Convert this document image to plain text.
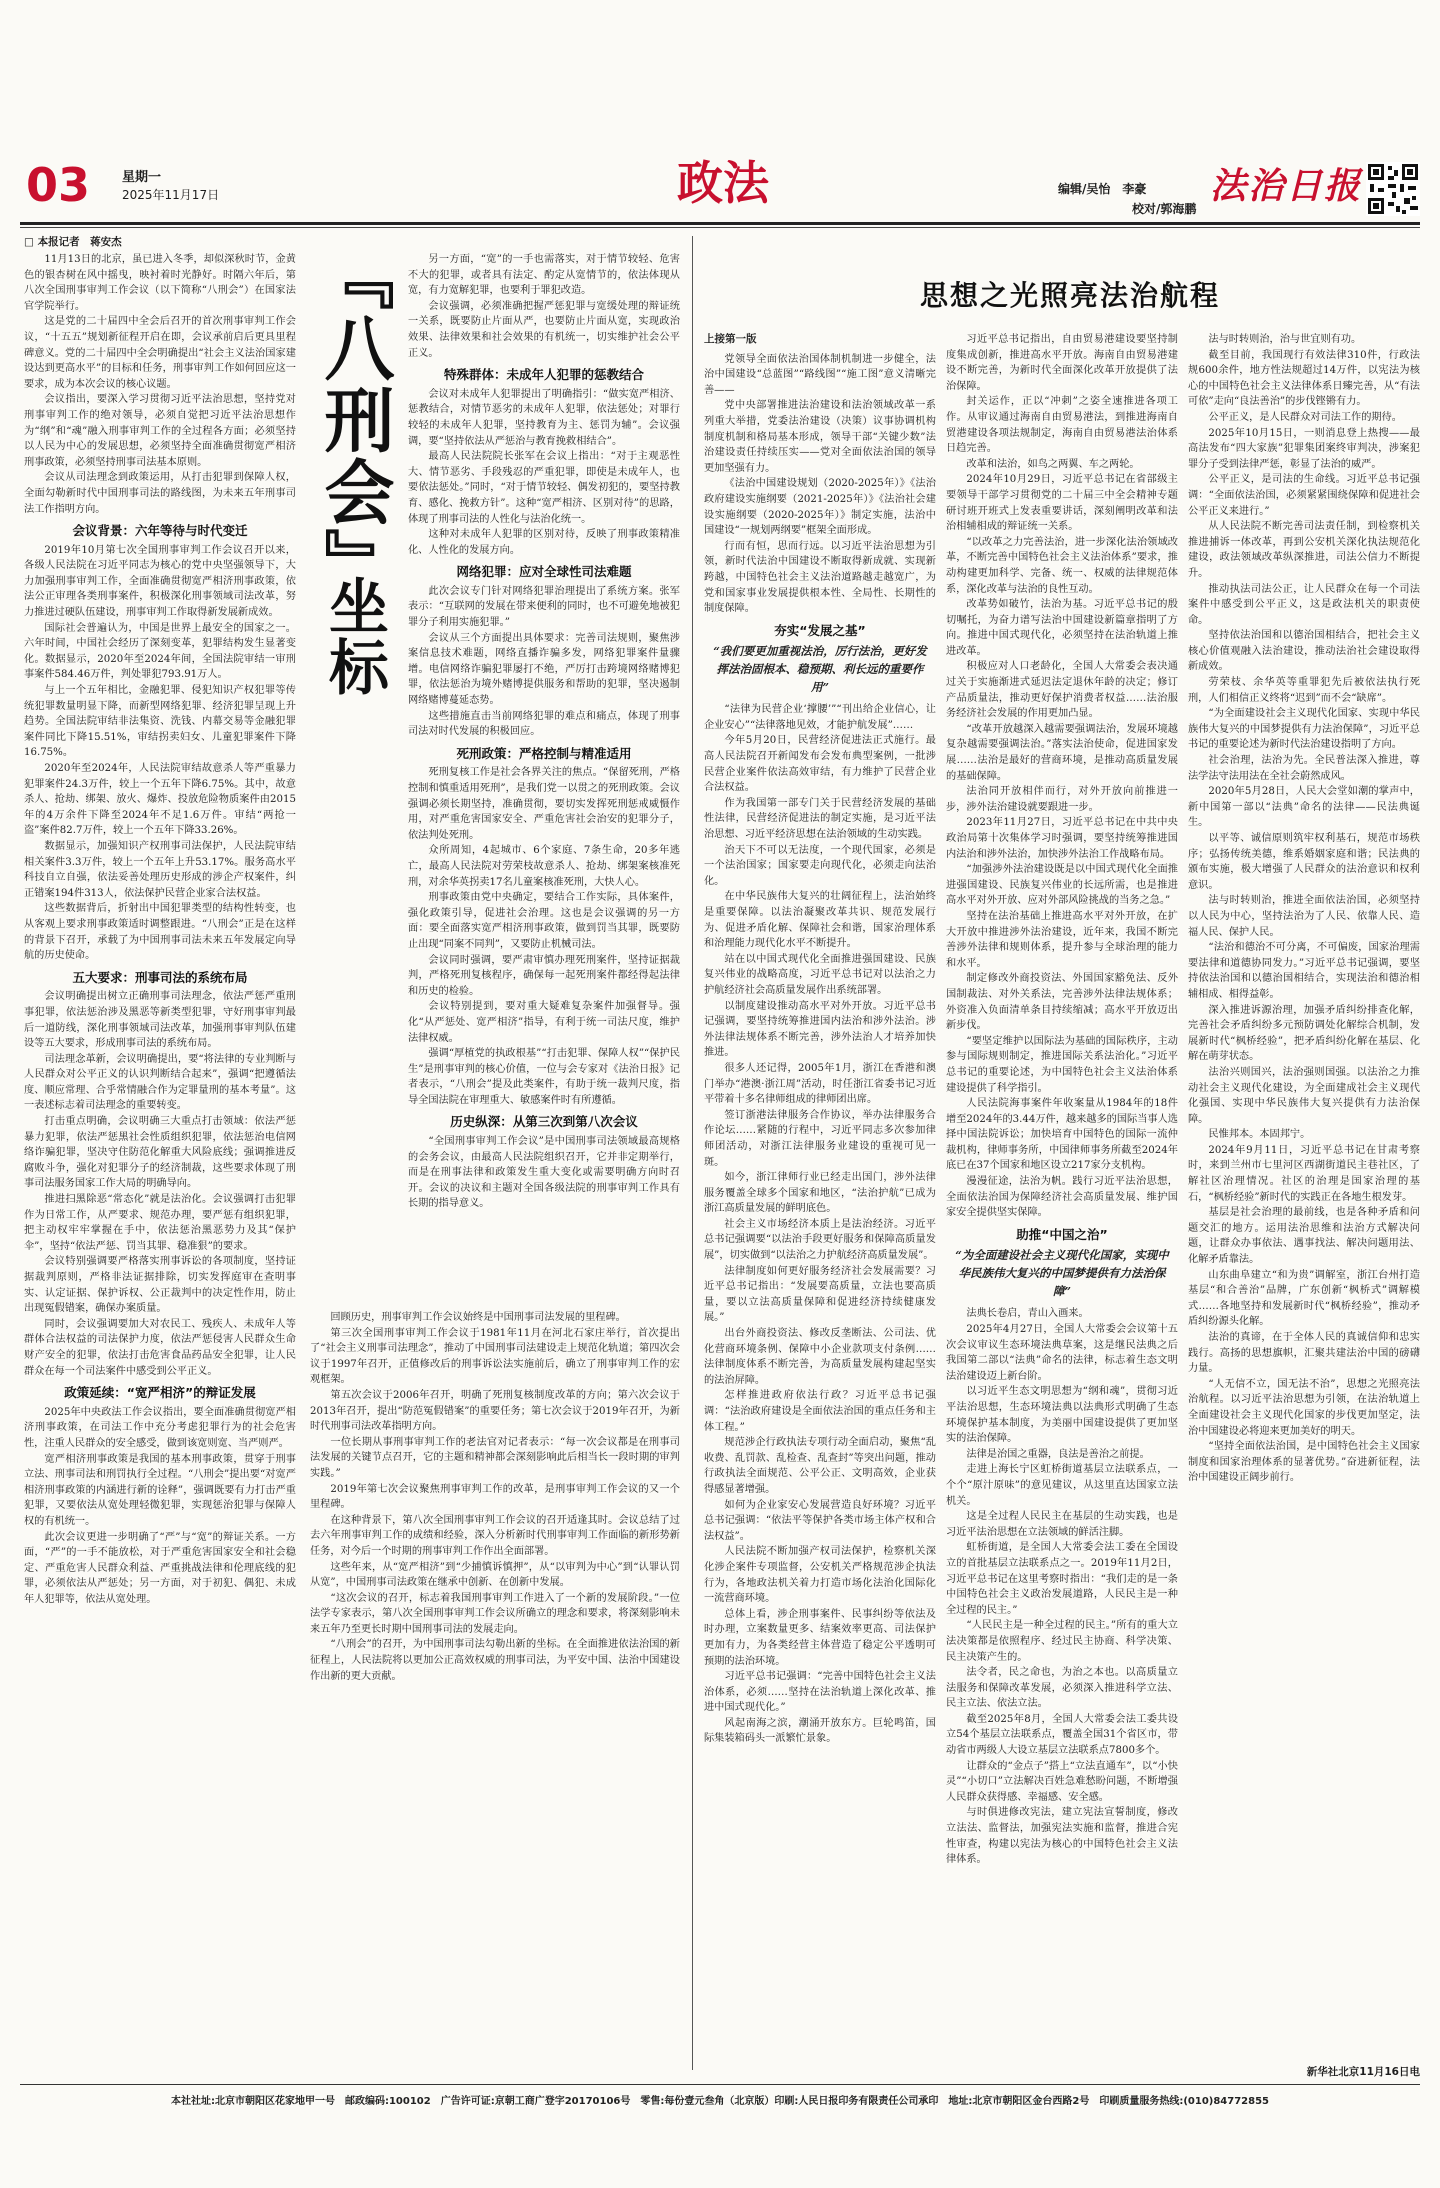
03 星期一
2025年11月17日	政法	编辑/吴怡　李豪
校对/郭海鹏
法治日报
□ 本报记者　蒋安杰

11月13日的北京，虽已进入冬季，却似深秋时节，金黄色的银杏树在风中摇曳，映衬着时光静好。时隔六年后，第八次全国刑事审判工作会议（以下简称“八刑会”）在国家法官学院举行。

这是党的二十届四中全会后召开的首次刑事审判工作会议，“十五五”规划新征程开启在即，会议承前启后更具里程碑意义。党的二十届四中全会明确提出“社会主义法治国家建设达到更高水平”的目标和任务，刑事审判工作如何回应这一要求，成为本次会议的核心议题。

会议指出，要深入学习贯彻习近平法治思想，坚持党对刑事审判工作的绝对领导，必须自觉把习近平法治思想作为“纲”和“魂”融入刑事审判工作的全过程各方面；必须坚持以人民为中心的发展思想，必须坚持全面准确贯彻宽严相济刑事政策，必须坚持刑事司法基本原则。

会议从司法理念到政策运用，从打击犯罪到保障人权，全面勾勒新时代中国刑事司法的路线图，为未来五年刑事司法工作指明方向。

会议背景：六年等待与时代变迁

2019年10月第七次全国刑事审判工作会议召开以来，各级人民法院在习近平同志为核心的党中央坚强领导下，大力加强刑事审判工作，全面准确贯彻宽严相济刑事政策，依法公正审理各类刑事案件，积极深化刑事领域司法改革，努力推进过硬队伍建设，刑事审判工作取得新发展新成效。

国际社会普遍认为，中国是世界上最安全的国家之一。六年时间，中国社会经历了深刻变革，犯罪结构发生显著变化。数据显示，2020年至2024年间，全国法院审结一审刑事案件584.46万件，判处罪犯793.91万人。

与上一个五年相比，金融犯罪、侵犯知识产权犯罪等传统犯罪数量明显下降，而新型网络犯罪、经济犯罪呈现上升趋势。全国法院审结非法集资、洗钱、内幕交易等金融犯罪案件同比下降15.51%，审结拐卖妇女、儿童犯罪案件下降16.75%。

2020年至2024年，人民法院审结故意杀人等严重暴力犯罪案件24.3万件，较上一个五年下降6.75%。其中，故意杀人、抢劫、绑架、放火、爆炸、投放危险物质案件由2015年的4万余件下降至2024年不足1.6万件。审结“两抢一盗”案件82.7万件，较上一个五年下降33.26%。

数据显示，加强知识产权刑事司法保护，人民法院审结相关案件3.3万件，较上一个五年上升53.17%。服务高水平科技自立自强，依法妥善处理历史形成的涉企产权案件，纠正错案194件313人，依法保护民营企业家合法权益。

这些数据背后，折射出中国犯罪类型的结构性转变，也从客观上要求刑事政策适时调整跟进。“八刑会”正是在这样的背景下召开，承载了为中国刑事司法未来五年发展定向导航的历史使命。

五大要求：刑事司法的系统布局

会议明确提出树立正确刑事司法理念，依法严惩严重刑事犯罪，依法惩治涉及黑恶等新类型犯罪，守好刑事审判最后一道防线，深化刑事领域司法改革，加强刑事审判队伍建设等五大要求，形成刑事司法的系统布局。

司法理念革新，会议明确提出，要“将法律的专业判断与人民群众对公平正义的认识判断结合起来”，强调“把遵循法度、顺应常理、合乎常情融合作为定罪量刑的基本考量”。这一表述标志着司法理念的重要转变。

打击重点明确，会议明确三大重点打击领域：依法严惩暴力犯罪，依法严惩黑社会性质组织犯罪，依法惩治电信网络诈骗犯罪，坚决守住防范化解重大风险底线；强调推进反腐败斗争，强化对犯罪分子的经济制裁，这些要求体现了刑事司法服务国家工作大局的明确导向。

推进扫黑除恶“常态化”就是法治化。会议强调打击犯罪作为日常工作，从严要求、规范办理，要严惩有组织犯罪，把主动权牢牢掌握在手中，依法惩治黑恶势力及其“保护伞”，坚持“依法严惩、罚当其罪、稳准狠”的要求。

会议特别强调要严格落实刑事诉讼的各项制度，坚持证据裁判原则，严格非法证据排除，切实发挥庭审在查明事实、认定证据、保护诉权、公正裁判中的决定性作用，防止出现冤假错案，确保办案质量。

同时，会议强调要加大对农民工、残疾人、未成年人等群体合法权益的司法保护力度，依法严惩侵害人民群众生命财产安全的犯罪，依法打击危害食品药品安全犯罪，让人民群众在每一个司法案件中感受到公平正义。

政策延续：“宽严相济”的辩证发展

2025年中央政法工作会议指出，要全面准确贯彻宽严相济刑事政策，在司法工作中充分考虑犯罪行为的社会危害性，注重人民群众的安全感受，做到该宽则宽、当严则严。

宽严相济刑事政策是我国的基本刑事政策，贯穿于刑事立法、刑事司法和刑罚执行全过程。“八刑会”提出要“对宽严相济刑事政策的内涵进行新的诠释”，强调既要有力打击严重犯罪，又要依法从宽处理轻微犯罪，实现惩治犯罪与保障人权的有机统一。

此次会议更进一步明确了“严”与“宽”的辩证关系。一方面，“严”的一手不能放松，对于严重危害国家安全和社会稳定、严重危害人民群众利益、严重挑战法律和伦理底线的犯罪，必须依法从严惩处；另一方面，对于初犯、偶犯、未成年人犯罪等，依法从宽处理。

『八刑会』
坐标

另一方面，“宽”的一手也需落实，对于情节较轻、危害不大的犯罪，或者具有法定、酌定从宽情节的，依法体现从宽，有力宽解犯罪，也要利于罪犯改造。

会议强调，必须准确把握严惩犯罪与宽缓处理的辩证统一关系，既要防止片面从严，也要防止片面从宽，实现政治效果、法律效果和社会效果的有机统一，切实维护社会公平正义。

特殊群体：未成年人犯罪的惩教结合

会议对未成年人犯罪提出了明确指引：“做实宽严相济、惩教结合，对情节恶劣的未成年人犯罪，依法惩处；对罪行较轻的未成年人犯罪，坚持教育为主、惩罚为辅”。会议强调，要“坚持依法从严惩治与教育挽救相结合”。

最高人民法院院长张军在会议上指出：“对于主观恶性大、情节恶劣、手段残忍的严重犯罪，即使是未成年人，也要依法惩处。”同时，“对于情节较轻、偶发初犯的，要坚持教育、感化、挽救方针”。这种“宽严相济、区别对待”的思路，体现了刑事司法的人性化与法治化统一。

这种对未成年人犯罪的区别对待，反映了刑事政策精准化、人性化的发展方向。

网络犯罪：应对全球性司法难题

此次会议专门针对网络犯罪治理提出了系统方案。张军表示：“互联网的发展在带来便利的同时，也不可避免地被犯罪分子利用实施犯罪。”

会议从三个方面提出具体要求：完善司法规则，聚焦涉案信息技术难题，网络直播诈骗多发，网络犯罪案件量骤增。电信网络诈骗犯罪屡打不绝，严厉打击跨境网络赌博犯罪，依法惩治为境外赌博提供服务和帮助的犯罪，坚决遏制网络赌博蔓延态势。

这些措施直击当前网络犯罪的难点和痛点，体现了刑事司法对时代发展的积极回应。

死刑政策：严格控制与精准适用

死刑复核工作是社会各界关注的焦点。“保留死刑，严格控制和慎重适用死刑”，是我们党一以贯之的死刑政策。会议强调必须长期坚持，准确贯彻，要切实发挥死刑惩戒威慑作用，对严重危害国家安全、严重危害社会治安的犯罪分子，依法判处死刑。

众所周知，4起城市、6个家庭、7条生命，20多年逃亡，最高人民法院对劳荣枝故意杀人、抢劫、绑架案核准死刑，对余华英拐卖17名儿童案核准死刑，大快人心。

刑事政策由党中央确定，要结合工作实际，具体案件，强化政策引导，促进社会治理。这也是会议强调的另一方面：要全面落实宽严相济刑事政策，做到罚当其罪，既要防止出现“同案不同判”，又要防止机械司法。

会议同时强调，要严肃审慎办理死刑案件，坚持证据裁判，严格死刑复核程序，确保每一起死刑案件都经得起法律和历史的检验。

会议特别提到，要对重大疑难复杂案件加强督导。强化“从严惩处、宽严相济”指导，有利于统一司法尺度，维护法律权威。

强调“厚植党的执政根基”“打击犯罪、保障人权”“保护民生”是刑事审判的核心价值，一位与会专家对《法治日报》记者表示，“八刑会”提及此类案件，有助于统一裁判尺度，指导全国法院在审理重大、敏感案件时有所遵循。

历史纵深：从第三次到第八次会议

“全国刑事审判工作会议”是中国刑事司法领域最高规格的会务会议，由最高人民法院组织召开，它并非定期举行，而是在刑事法律和政策发生重大变化或需要明确方向时召开。会议的决议和主题对全国各级法院的刑事审判工作具有长期的指导意义。

回顾历史，刑事审判工作会议始终是中国刑事司法发展的里程碑。

第三次全国刑事审判工作会议于1981年11月在河北石家庄举行，首次提出了“社会主义刑事司法理念”，推动了中国刑事司法建设走上规范化轨道；第四次会议于1997年召开，正值修改后的刑事诉讼法实施前后，确立了刑事审判工作的宏观框架。

第五次会议于2006年召开，明确了死刑复核制度改革的方向；第六次会议于2013年召开，提出“防范冤假错案”的重要任务；第七次会议于2019年召开，为新时代刑事司法改革指明方向。

一位长期从事刑事审判工作的老法官对记者表示：“每一次会议都是在刑事司法发展的关键节点召开，它的主题和精神都会深刻影响此后相当长一段时期的审判实践。”

2019年第七次会议聚焦刑事审判工作的改革，是刑事审判工作会议的又一个里程碑。

在这种背景下，第八次全国刑事审判工作会议的召开适逢其时。会议总结了过去六年刑事审判工作的成绩和经验，深入分析新时代刑事审判工作面临的新形势新任务，对今后一个时期的刑事审判工作作出全面部署。

这些年来，从“宽严相济”到“少捕慎诉慎押”，从“以审判为中心”到“认罪认罚从宽”，中国刑事司法政策在继承中创新、在创新中发展。

“这次会议的召开，标志着我国刑事审判工作进入了一个新的发展阶段。”一位法学专家表示，第八次全国刑事审判工作会议所确立的理念和要求，将深刻影响未来五年乃至更长时期中国刑事司法的发展走向。

“八刑会”的召开，为中国刑事司法勾勒出新的坐标。在全面推进依法治国的新征程上，人民法院将以更加公正高效权威的刑事司法，为平安中国、法治中国建设作出新的更大贡献。

思想之光照亮法治航程

上接第一版

党领导全面依法治国体制机制进一步健全，法治中国建设“总蓝图”“路线图”“施工图”意义清晰完善——

党中央部署推进法治建设和法治领域改革一系列重大举措，党委法治建设（决策）议事协调机构制度机制和格局基本形成，领导干部“关键少数”法治建设责任持续压实——党对全面依法治国的领导更加坚强有力。

《法治中国建设规划（2020-2025年）》《法治政府建设实施纲要（2021-2025年）》《法治社会建设实施纲要（2020-2025年）》制定实施，法治中国建设“一规划两纲要”框架全面形成。

行而有恒，思而行远。以习近平法治思想为引领，新时代法治中国建设不断取得新成就、实现新跨越，中国特色社会主义法治道路越走越宽广，为党和国家事业发展提供根本性、全局性、长期性的制度保障。

夯实“发展之基”

“我们要更加重视法治，厉行法治，更好发挥法治固根本、稳预期、利长远的重要作用”

“法律为民营企业‘撑腰’”“刊出给企业信心，让企业安心”“法律落地见效，才能护航发展”……

今年5月20日，民营经济促进法正式施行。最高人民法院召开新闻发布会发布典型案例，一批涉民营企业案件依法高效审结，有力维护了民营企业合法权益。

作为我国第一部专门关于民营经济发展的基础性法律，民营经济促进法的制定实施，是习近平法治思想、习近平经济思想在法治领域的生动实践。

治天下不可以无法度，一个现代国家，必须是一个法治国家；国家要走向现代化，必须走向法治化。

在中华民族伟大复兴的壮阔征程上，法治始终是重要保障。以法治凝聚改革共识、规范发展行为、促进矛盾化解、保障社会和谐，国家治理体系和治理能力现代化水平不断提升。

站在以中国式现代化全面推进强国建设、民族复兴伟业的战略高度，习近平总书记对以法治之力护航经济社会高质量发展作出系统部署。

以制度建设推动高水平对外开放。习近平总书记强调，要坚持统筹推进国内法治和涉外法治。涉外法律法规体系不断完善，涉外法治人才培养加快推进。

很多人还记得，2005年1月，浙江在香港和澳门举办“港澳·浙江周”活动，时任浙江省委书记习近平带着十多名律师组成的律师团出席。

签订浙港法律服务合作协议，举办法律服务合作论坛……紧随的行程中，习近平同志多次参加律师团活动，对浙江法律服务业建设的重视可见一斑。

如今，浙江律师行业已经走出国门，涉外法律服务覆盖全球多个国家和地区，“法治护航”已成为浙江高质量发展的鲜明底色。

社会主义市场经济本质上是法治经济。习近平总书记强调要“以法治手段更好服务和保障高质量发展”，切实做到“以法治之力护航经济高质量发展”。

法律制度如何更好服务经济社会发展需要？习近平总书记指出：“发展要高质量，立法也要高质量，要以立法高质量保障和促进经济持续健康发展。”

出台外商投资法、修改反垄断法、公司法、优化营商环境条例、保障中小企业款项支付条例……法律制度体系不断完善，为高质量发展构建起坚实的法治屏障。

怎样推进政府依法行政？习近平总书记强调：“法治政府建设是全面依法治国的重点任务和主体工程。”

规范涉企行政执法专项行动全面启动，聚焦“乱收费、乱罚款、乱检查、乱查封”等突出问题，推动行政执法全面规范、公平公正、文明高效，企业获得感显著增强。

如何为企业家安心发展营造良好环境？习近平总书记强调：“依法平等保护各类市场主体产权和合法权益”。

人民法院不断加强产权司法保护，检察机关深化涉企案件专项监督，公安机关严格规范涉企执法行为，各地政法机关着力打造市场化法治化国际化一流营商环境。

总体上看，涉企刑事案件、民事纠纷等依法及时办理，立案数量更多、结案效率更高、司法保护更加有力，为各类经营主体营造了稳定公平透明可预期的法治环境。

习近平总书记强调：“完善中国特色社会主义法治体系，必须……坚持在法治轨道上深化改革、推进中国式现代化。”

风起南海之滨，潮涌开放东方。巨轮鸣笛，国际集装箱码头一派繁忙景象。

习近平总书记指出，自由贸易港建设要坚持制度集成创新，推进高水平开放。海南自由贸易港建设不断完善，为新时代全面深化改革开放提供了法治保障。

封关运作，正以“冲刺”之姿全速推进各项工作。从审议通过海南自由贸易港法，到推进海南自贸港建设各项法规制定，海南自由贸易港法治体系日趋完善。

改革和法治，如鸟之两翼、车之两轮。

2024年10月29日，习近平总书记在省部级主要领导干部学习贯彻党的二十届三中全会精神专题研讨班开班式上发表重要讲话，深刻阐明改革和法治相辅相成的辩证统一关系。

“以改革之力完善法治，进一步深化法治领域改革，不断完善中国特色社会主义法治体系”要求，推动构建更加科学、完备、统一、权威的法律规范体系，深化改革与法治的良性互动。

改革势如破竹，法治为基。习近平总书记的殷切嘱托，为奋力谱写法治中国建设新篇章指明了方向。推进中国式现代化，必须坚持在法治轨道上推进改革。

积极应对人口老龄化，全国人大常委会表决通过关于实施渐进式延迟法定退休年龄的决定；修订产品质量法，推动更好保护消费者权益……法治服务经济社会发展的作用更加凸显。

“改革开放越深入越需要强调法治，发展环境越复杂越需要强调法治。”落实法治使命，促进国家发展……法治是最好的营商环境，是推动高质量发展的基础保障。

法治同开放相伴而行，对外开放向前推进一步，涉外法治建设就要跟进一步。

2023年11月27日，习近平总书记在中共中央政治局第十次集体学习时强调，要坚持统筹推进国内法治和涉外法治，加快涉外法治工作战略布局。

“加强涉外法治建设既是以中国式现代化全面推进强国建设、民族复兴伟业的长远所需，也是推进高水平对外开放、应对外部风险挑战的当务之急。”

坚持在法治基础上推进高水平对外开放，在扩大开放中推进涉外法治建设，近年来，我国不断完善涉外法律和规则体系，提升参与全球治理的能力和水平。

制定修改外商投资法、外国国家豁免法、反外国制裁法、对外关系法，完善涉外法律法规体系；外资准入负面清单条目持续缩减；高水平开放迈出新步伐。

“要坚定维护以国际法为基础的国际秩序，主动参与国际规则制定，推进国际关系法治化。”习近平总书记的重要论述，为中国特色社会主义法治体系建设提供了科学指引。

人民法院海事案件年收案量从1984年的18件增至2024年的3.44万件，越来越多的国际当事人选择中国法院诉讼；加快培育中国特色的国际一流仲裁机构，律师事务所，中国律师事务所截至2024年底已在37个国家和地区设立217家分支机构。

漫漫征途，法治为帆。践行习近平法治思想，全面依法治国为保障经济社会高质量发展、维护国家安全提供坚实保障。

助推“中国之治”

“为全面建设社会主义现代化国家，实现中华民族伟大复兴的中国梦提供有力法治保障”

法典长卷启，青山入画来。

2025年4月27日，全国人大常委会会议第十五次会议审议生态环境法典草案，这是继民法典之后我国第二部以“法典”命名的法律，标志着生态文明法治建设迈上新台阶。

以习近平生态文明思想为“纲和魂”，贯彻习近平法治思想，生态环境法典以法典形式明确了生态环境保护基本制度，为美丽中国建设提供了更加坚实的法治保障。

法律是治国之重器，良法是善治之前提。

走进上海长宁区虹桥街道基层立法联系点，一个个“原汁原味”的意见建议，从这里直达国家立法机关。

这是全过程人民民主在基层的生动实践，也是习近平法治思想在立法领域的鲜活注脚。

虹桥街道，是全国人大常委会法工委在全国设立的首批基层立法联系点之一。2019年11月2日，习近平总书记在这里考察时指出：“我们走的是一条中国特色社会主义政治发展道路，人民民主是一种全过程的民主。”

“人民民主是一种全过程的民主。”所有的重大立法决策都是依照程序、经过民主协商、科学决策、民主决策产生的。

法令者，民之命也，为治之本也。以高质量立法服务和保障改革发展，必须深入推进科学立法、民主立法、依法立法。

截至2025年8月，全国人大常委会法工委共设立54个基层立法联系点，覆盖全国31个省区市，带动省市两级人大设立基层立法联系点7800多个。

让群众的“金点子”搭上“立法直通车”，以“小快灵”“小切口”立法解决百姓急难愁盼问题，不断增强人民群众获得感、幸福感、安全感。

与时俱进修改宪法，建立宪法宣誓制度，修改立法法、监督法，加强宪法实施和监督，推进合宪性审查，构建以宪法为核心的中国特色社会主义法律体系。

法与时转则治，治与世宜则有功。

截至目前，我国现行有效法律310件，行政法规600余件，地方性法规超过14万件，以宪法为核心的中国特色社会主义法律体系日臻完善，从“有法可依”走向“良法善治”的步伐铿锵有力。

公平正义，是人民群众对司法工作的期待。

2025年10月15日，一则消息登上热搜——最高法发布“四大家族”犯罪集团案终审判决，涉案犯罪分子受到法律严惩，彰显了法治的威严。

公平正义，是司法的生命线。习近平总书记强调：“全面依法治国，必须紧紧围绕保障和促进社会公平正义来进行。”

从人民法院不断完善司法责任制，到检察机关推进捕诉一体改革，再到公安机关深化执法规范化建设，政法领域改革纵深推进，司法公信力不断提升。

推动执法司法公正，让人民群众在每一个司法案件中感受到公平正义，这是政法机关的职责使命。

坚持依法治国和以德治国相结合，把社会主义核心价值观融入法治建设，推动法治社会建设取得新成效。

劳荣枝、余华英等重罪犯先后被依法执行死刑，人们相信正义终将“迟到”而不会“缺席”。

“为全面建设社会主义现代化国家、实现中华民族伟大复兴的中国梦提供有力法治保障”，习近平总书记的重要论述为新时代法治建设指明了方向。

社会治理，法治为先。全民普法深入推进，尊法学法守法用法在全社会蔚然成风。

2020年5月28日，人民大会堂如潮的掌声中，新中国第一部以“法典”命名的法律——民法典诞生。

以平等、诚信原则筑牢权利基石，规范市场秩序；弘扬传统美德，维系婚姻家庭和谐；民法典的颁布实施，极大增强了人民群众的法治意识和权利意识。

法与时转则治，推进全面依法治国，必须坚持以人民为中心，坚持法治为了人民、依靠人民、造福人民、保护人民。

“法治和德治不可分离，不可偏废，国家治理需要法律和道德协同发力。”习近平总书记强调，要坚持依法治国和以德治国相结合，实现法治和德治相辅相成、相得益彰。

深入推进诉源治理，加强矛盾纠纷排查化解，完善社会矛盾纠纷多元预防调处化解综合机制，发展新时代“枫桥经验”，把矛盾纠纷化解在基层、化解在萌芽状态。

法治兴则国兴，法治强则国强。以法治之力推动社会主义现代化建设，为全面建成社会主义现代化强国、实现中华民族伟大复兴提供有力法治保障。

民惟邦本。本固邦宁。

2024年9月11日，习近平总书记在甘肃考察时，来到兰州市七里河区西湖街道民主巷社区，了解社区治理情况。社区的治理是国家治理的基石，“枫桥经验”新时代的实践正在各地生根发芽。

基层是社会治理的最前线，也是各种矛盾和问题交汇的地方。运用法治思维和法治方式解决问题，让群众办事依法、遇事找法、解决问题用法、化解矛盾靠法。

山东曲阜建立“和为贵”调解室，浙江台州打造基层“和合善治”品牌，广东创新“枫桥式”调解模式……各地坚持和发展新时代“枫桥经验”，推动矛盾纠纷源头化解。

法治的真谛，在于全体人民的真诚信仰和忠实践行。高扬的思想旗帜，汇聚共建法治中国的磅礴力量。

“人无信不立，国无法不治”，思想之光照亮法治航程。以习近平法治思想为引领，在法治轨道上全面建设社会主义现代化国家的步伐更加坚定，法治中国建设必将迎来更加美好的明天。

“坚持全面依法治国，是中国特色社会主义国家制度和国家治理体系的显著优势。”奋进新征程，法治中国建设正阔步前行。

新华社北京11月16日电
本社社址:北京市朝阳区花家地甲一号　邮政编码:100102　广告许可证:京朝工商广登字20170106号　零售:每份壹元叁角（北京版）印刷:人民日报印务有限责任公司承印　地址:北京市朝阳区金台西路2号　印刷质量服务热线:(010)84772855
